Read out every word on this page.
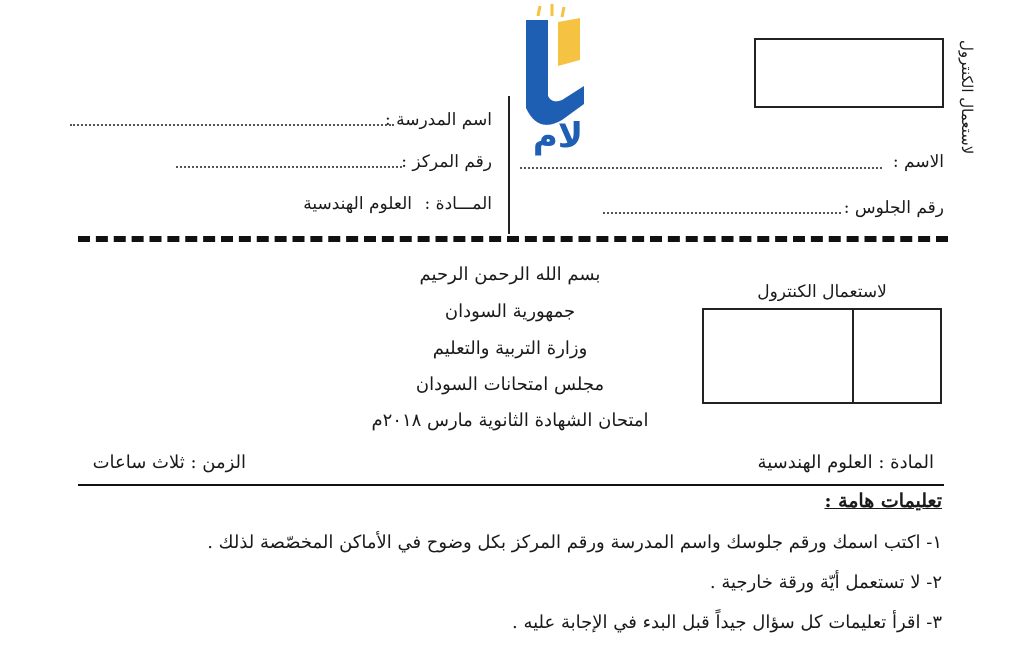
لاستعمال الكنترول
الاسم :
رقم الجلوس :
اسم المدرسة :
رقم المركز :
المـــادة :
العلوم الهندسية
لام
بسم الله الرحمن الرحيم
جمهورية السودان
وزارة التربية والتعليم
مجلس امتحانات السودان
امتحان الشهادة الثانوية مارس ٢٠١٨م
لاستعمال الكنترول
المادة : العلوم الهندسية
الزمن : ثلاث ساعات
تعليمات هامة :
١- اكتب اسمك ورقم جلوسك واسم المدرسة ورقم المركز بكل وضوح في الأماكن المخصّصة لذلك .
٢- لا تستعمل أيّة ورقة خارجية .
٣- اقرأ تعليمات كل سؤال جيداً قبل البدء في الإجابة عليه .
